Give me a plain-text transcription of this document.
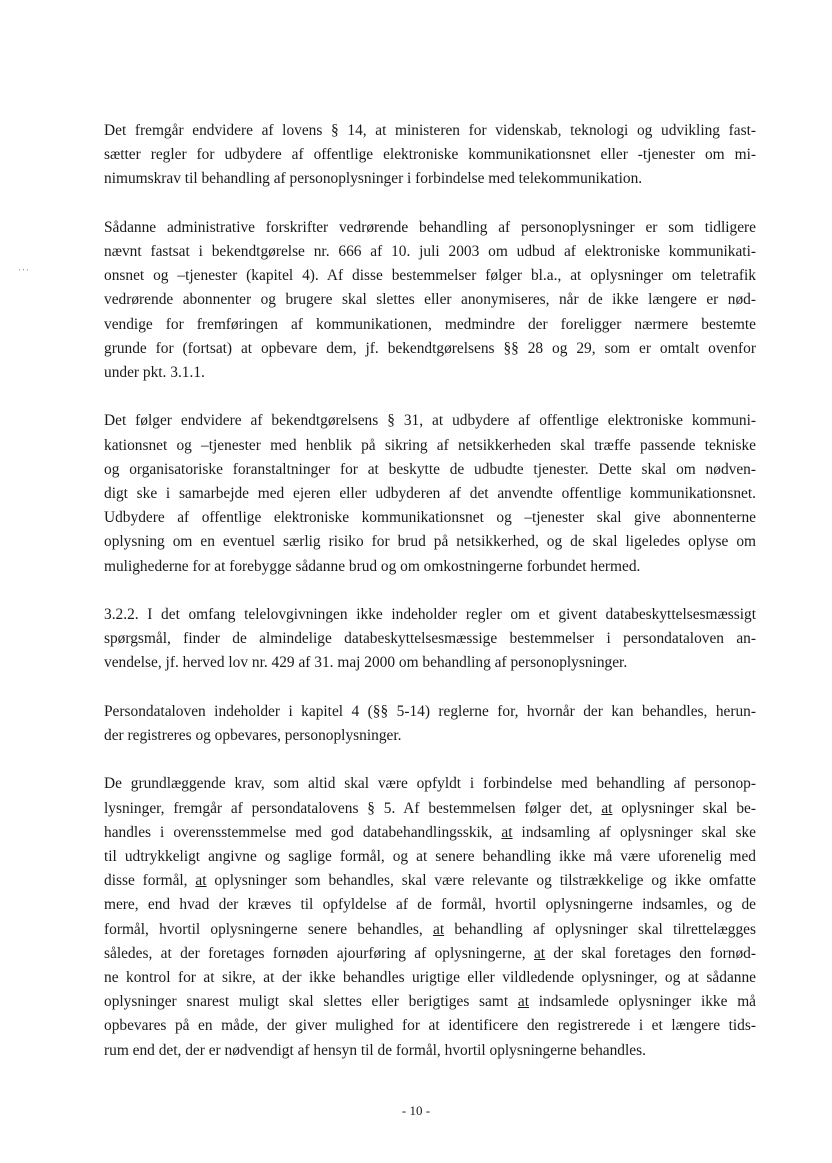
·‧·

Det fremgår endvidere af lovens § 14, at ministeren for videnskab, teknologi og udvikling fast-
sætter regler for udbydere af offentlige elektroniske kommunikationsnet eller -tjenester om mi-
nimumskrav til behandling af personoplysninger i forbindelse med telekommunikation.

Sådanne administrative forskrifter vedrørende behandling af personoplysninger er som tidligere
nævnt fastsat i bekendtgørelse nr. 666 af 10. juli 2003 om udbud af elektroniske kommunikati-
onsnet og –tjenester (kapitel 4). Af disse bestemmelser følger bl.a., at oplysninger om teletrafik
vedrørende abonnenter og brugere skal slettes eller anonymiseres, når de ikke længere er nød-
vendige for fremføringen af kommunikationen, medmindre der foreligger nærmere bestemte
grunde for (fortsat) at opbevare dem, jf. bekendtgørelsens §§ 28 og 29, som er omtalt ovenfor
under pkt. 3.1.1.

Det følger endvidere af bekendtgørelsens § 31, at udbydere af offentlige elektroniske kommuni-
kationsnet og –tjenester med henblik på sikring af netsikkerheden skal træffe passende tekniske
og organisatoriske foranstaltninger for at beskytte de udbudte tjenester. Dette skal om nødven-
digt ske i samarbejde med ejeren eller udbyderen af det anvendte offentlige kommunikationsnet.
Udbydere af offentlige elektroniske kommunikationsnet og –tjenester skal give abonnenterne
oplysning om en eventuel særlig risiko for brud på netsikkerhed, og de skal ligeledes oplyse om
mulighederne for at forebygge sådanne brud og om omkostningerne forbundet hermed.

3.2.2. I det omfang telelovgivningen ikke indeholder regler om et givent databeskyttelsesmæssigt
spørgsmål, finder de almindelige databeskyttelsesmæssige bestemmelser i persondataloven an-
vendelse, jf. herved lov nr. 429 af 31. maj 2000 om behandling af personoplysninger.

Persondataloven indeholder i kapitel 4 (§§ 5-14) reglerne for, hvornår der kan behandles, herun-
der registreres og opbevares, personoplysninger.

De grundlæggende krav, som altid skal være opfyldt i forbindelse med behandling af personop-
lysninger, fremgår af persondatalovens § 5. Af bestemmelsen følger det, at oplysninger skal be-
handles i overensstemmelse med god databehandlingsskik, at indsamling af oplysninger skal ske
til udtrykkeligt angivne og saglige formål, og at senere behandling ikke må være uforenelig med
disse formål, at oplysninger som behandles, skal være relevante og tilstrækkelige og ikke omfatte
mere, end hvad der kræves til opfyldelse af de formål, hvortil oplysningerne indsamles, og de
formål, hvortil oplysningerne senere behandles, at behandling af oplysninger skal tilrettelægges
således, at der foretages fornøden ajourføring af oplysningerne, at der skal foretages den fornød-
ne kontrol for at sikre, at der ikke behandles urigtige eller vildledende oplysninger, og at sådanne
oplysninger snarest muligt skal slettes eller berigtiges samt at indsamlede oplysninger ikke må
opbevares på en måde, der giver mulighed for at identificere den registrerede i et længere tids-
rum end det, der er nødvendigt af hensyn til de formål, hvortil oplysningerne behandles.

- 10 -
